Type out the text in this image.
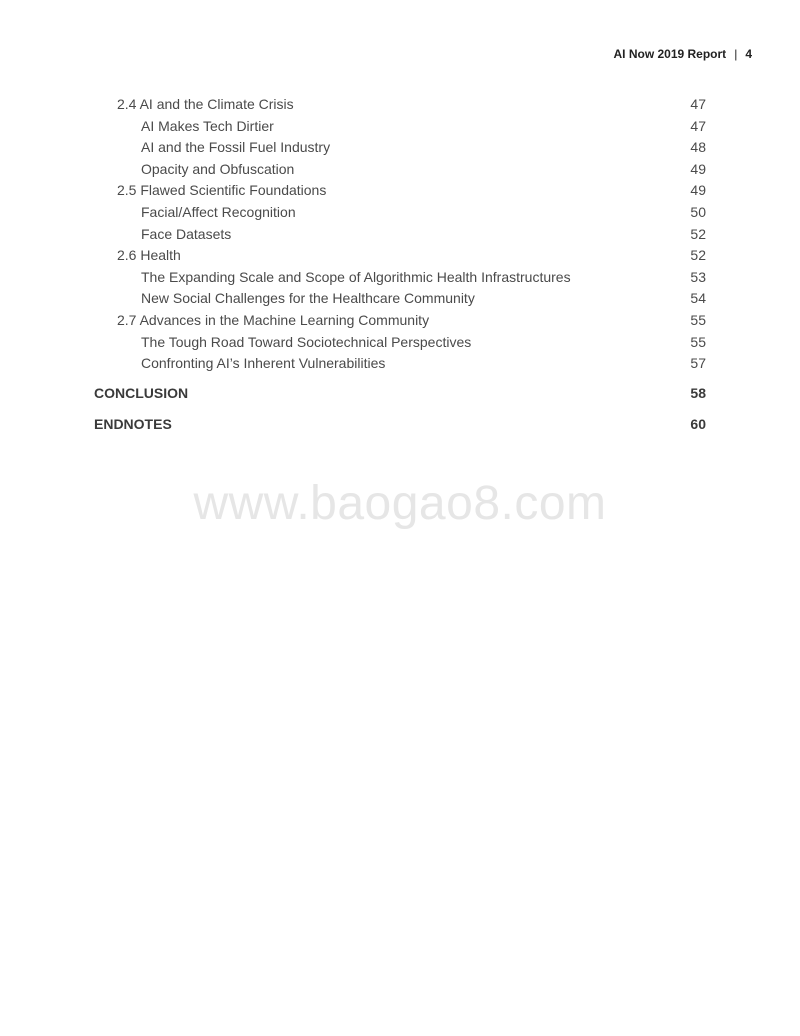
AI Now 2019 Report | 4
2.4 AI and the Climate Crisis	47
AI Makes Tech Dirtier	47
AI and the Fossil Fuel Industry	48
Opacity and Obfuscation	49
2.5 Flawed Scientific Foundations	49
Facial/Affect Recognition	50
Face Datasets	52
2.6 Health	52
The Expanding Scale and Scope of Algorithmic Health Infrastructures	53
New Social Challenges for the Healthcare Community	54
2.7 Advances in the Machine Learning Community	55
The Tough Road Toward Sociotechnical Perspectives	55
Confronting AI’s Inherent Vulnerabilities	57
CONCLUSION	58
ENDNOTES	60
www.baogao8.com
